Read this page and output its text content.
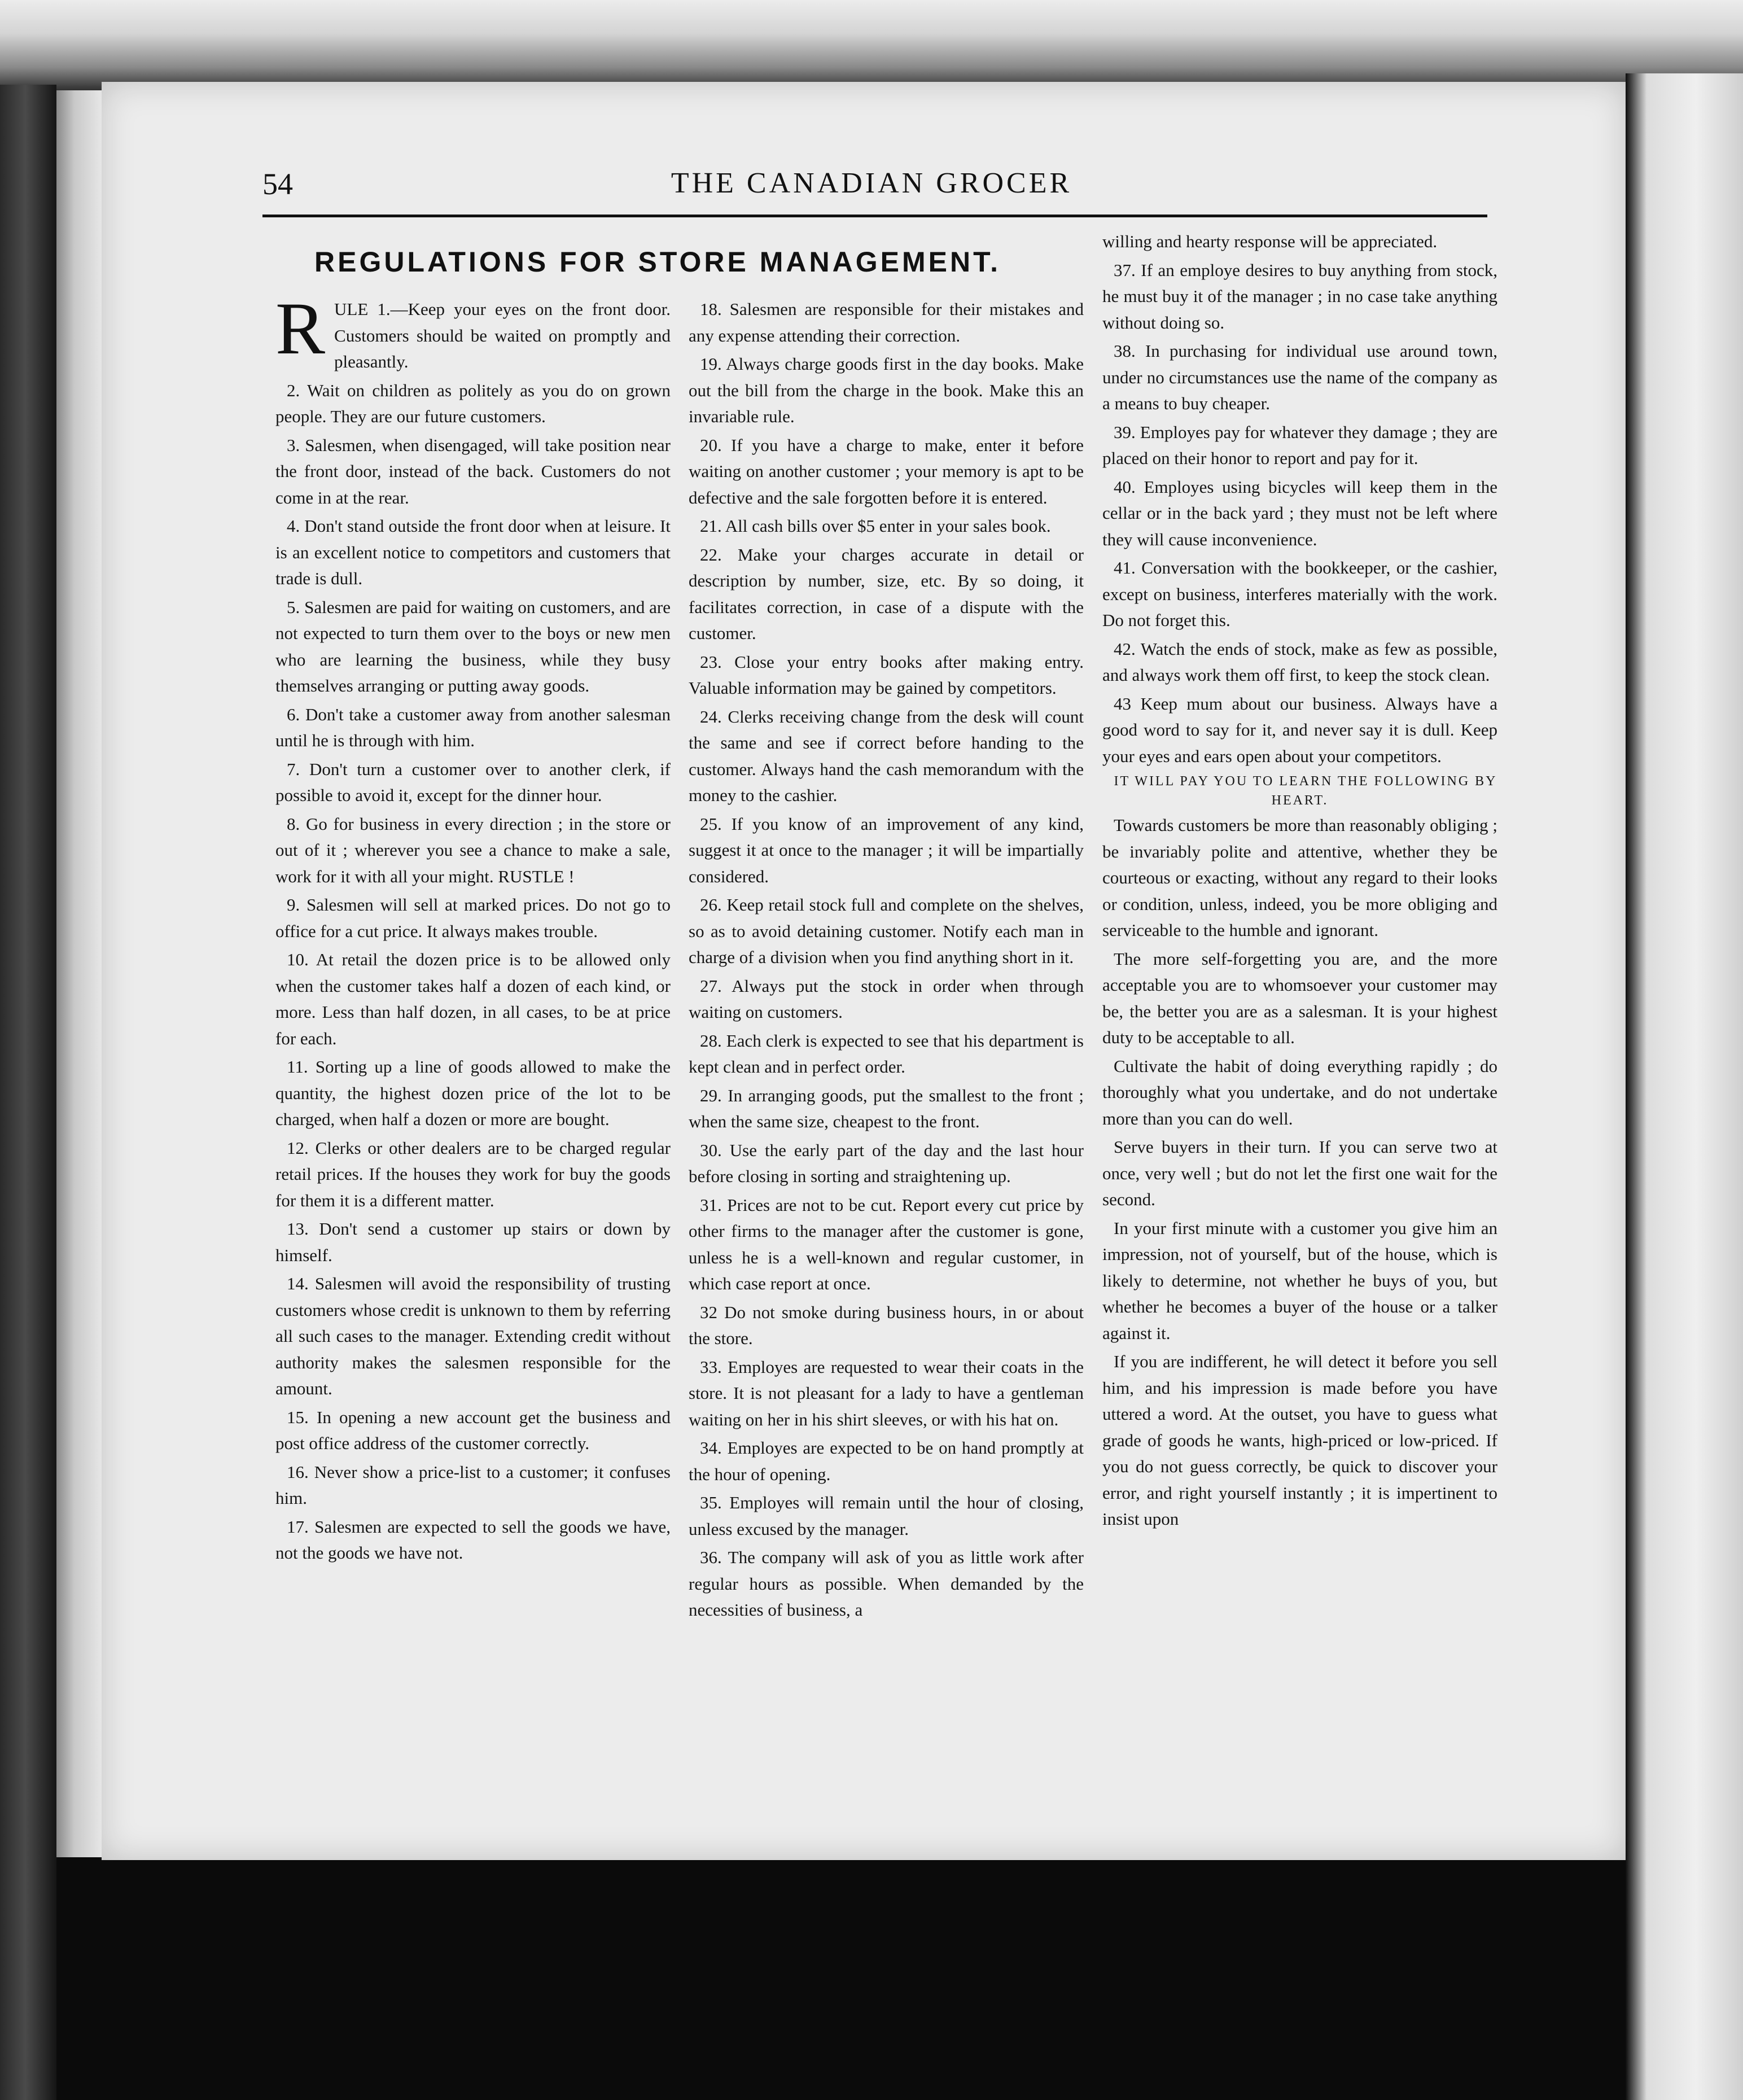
54	THE CANADIAN GROCER
REGULATIONS FOR STORE MANAGEMENT.

RULE 1.—Keep your eyes on the front door. Customers should be waited on promptly and pleasantly.

2. Wait on children as politely as you do on grown people. They are our future customers.

3. Salesmen, when disengaged, will take position near the front door, instead of the back. Customers do not come in at the rear.

4. Don't stand outside the front door when at leisure. It is an excellent notice to competitors and customers that trade is dull.

5. Salesmen are paid for waiting on customers, and are not expected to turn them over to the boys or new men who are learning the business, while they busy themselves arranging or putting away goods.

6. Don't take a customer away from another salesman until he is through with him.

7. Don't turn a customer over to another clerk, if possible to avoid it, except for the dinner hour.

8. Go for business in every direction ; in the store or out of it ; wherever you see a chance to make a sale, work for it with all your might. RUSTLE !

9. Salesmen will sell at marked prices. Do not go to office for a cut price. It always makes trouble.

10. At retail the dozen price is to be allowed only when the customer takes half a dozen of each kind, or more. Less than half dozen, in all cases, to be at price for each.

11. Sorting up a line of goods allowed to make the quantity, the highest dozen price of the lot to be charged, when half a dozen or more are bought.

12. Clerks or other dealers are to be charged regular retail prices. If the houses they work for buy the goods for them it is a different matter.

13. Don't send a customer up stairs or down by himself.

14. Salesmen will avoid the responsibility of trusting customers whose credit is unknown to them by referring all such cases to the manager. Extending credit without authority makes the salesmen responsible for the amount.

15. In opening a new account get the business and post office address of the customer correctly.

16. Never show a price-list to a customer; it confuses him.

17. Salesmen are expected to sell the goods we have, not the goods we have not.

18. Salesmen are responsible for their mistakes and any expense attending their correction.

19. Always charge goods first in the day books. Make out the bill from the charge in the book. Make this an invariable rule.

20. If you have a charge to make, enter it before waiting on another customer ; your memory is apt to be defective and the sale forgotten before it is entered.

21. All cash bills over $5 enter in your sales book.

22. Make your charges accurate in detail or description by number, size, etc. By so doing, it facilitates correction, in case of a dispute with the customer.

23. Close your entry books after making entry. Valuable information may be gained by competitors.

24. Clerks receiving change from the desk will count the same and see if correct before handing to the customer. Always hand the cash memorandum with the money to the cashier.

25. If you know of an improvement of any kind, suggest it at once to the manager ; it will be impartially considered.

26. Keep retail stock full and complete on the shelves, so as to avoid detaining customer. Notify each man in charge of a division when you find anything short in it.

27. Always put the stock in order when through waiting on customers.

28. Each clerk is expected to see that his department is kept clean and in perfect order.

29. In arranging goods, put the smallest to the front ; when the same size, cheapest to the front.

30. Use the early part of the day and the last hour before closing in sorting and straightening up.

31. Prices are not to be cut. Report every cut price by other firms to the manager after the customer is gone, unless he is a well-known and regular customer, in which case report at once.

32 Do not smoke during business hours, in or about the store.

33. Employes are requested to wear their coats in the store. It is not pleasant for a lady to have a gentleman waiting on her in his shirt sleeves, or with his hat on.

34. Employes are expected to be on hand promptly at the hour of opening.

35. Employes will remain until the hour of closing, unless excused by the manager.

36. The company will ask of you as little work after regular hours as possible. When demanded by the necessities of business, a

willing and hearty response will be appreciated.

37. If an employe desires to buy anything from stock, he must buy it of the manager ; in no case take anything without doing so.

38. In purchasing for individual use around town, under no circumstances use the name of the company as a means to buy cheaper.

39. Employes pay for whatever they damage ; they are placed on their honor to report and pay for it.

40. Employes using bicycles will keep them in the cellar or in the back yard ; they must not be left where they will cause inconvenience.

41. Conversation with the bookkeeper, or the cashier, except on business, interferes materially with the work. Do not forget this.

42. Watch the ends of stock, make as few as possible, and always work them off first, to keep the stock clean.

43 Keep mum about our business. Always have a good word to say for it, and never say it is dull. Keep your eyes and ears open about your competitors.

IT WILL PAY YOU TO LEARN THE FOLLOWING BY HEART.

Towards customers be more than reasonably obliging ; be invariably polite and attentive, whether they be courteous or exacting, without any regard to their looks or condition, unless, indeed, you be more obliging and serviceable to the humble and ignorant.

The more self-forgetting you are, and the more acceptable you are to whomsoever your customer may be, the better you are as a salesman. It is your highest duty to be acceptable to all.

Cultivate the habit of doing everything rapidly ; do thoroughly what you undertake, and do not undertake more than you can do well.

Serve buyers in their turn. If you can serve two at once, very well ; but do not let the first one wait for the second.

In your first minute with a customer you give him an impression, not of yourself, but of the house, which is likely to determine, not whether he buys of you, but whether he becomes a buyer of the house or a talker against it.

If you are indifferent, he will detect it before you sell him, and his impression is made before you have uttered a word. At the outset, you have to guess what grade of goods he wants, high-priced or low-priced. If you do not guess correctly, be quick to discover your error, and right yourself instantly ; it is impertinent to insist upon
